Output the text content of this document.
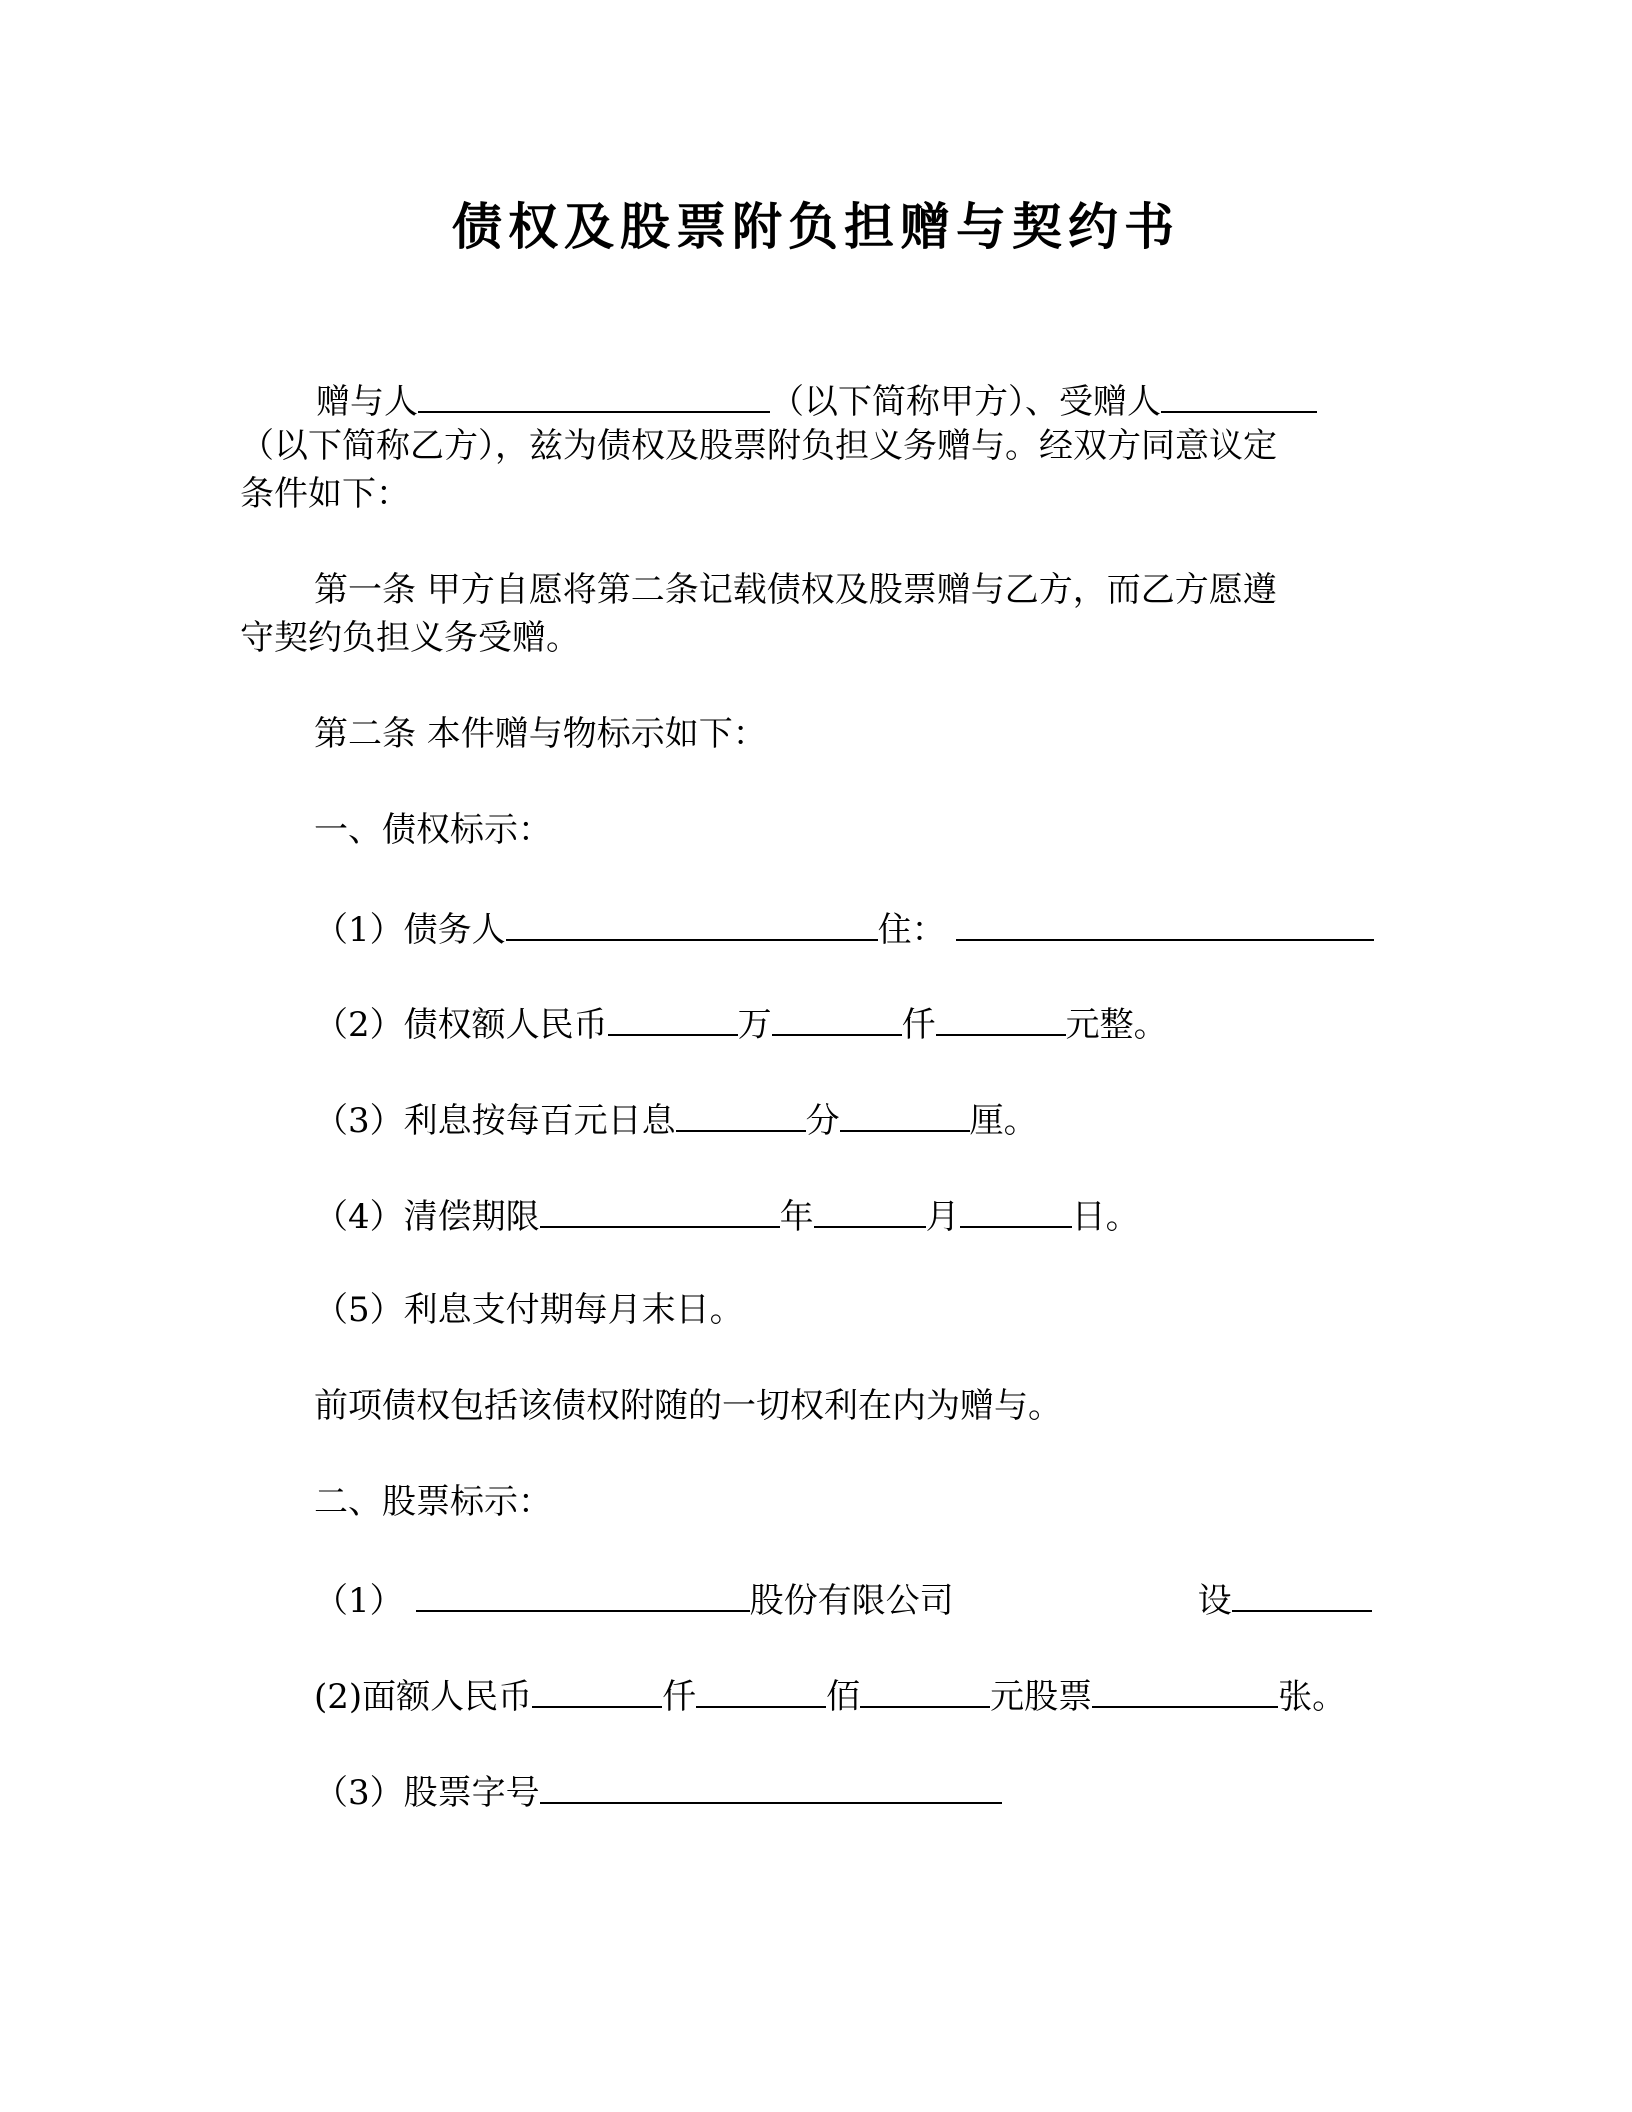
债权及股票附负担赠与契约书
赠与人	（以下简称甲方）、受赠人
（以下简称乙方），兹为债权及股票附负担义务赠与。经双方同意议定
条件如下：
第一条 甲方自愿将第二条记载债权及股票赠与乙方，而乙方愿遵
守契约负担义务受赠。
第二条 本件赠与物标示如下：
一、债权标示：
（1）债务人	住：
（2）债权额人民币	万	仟	元整。
（3）利息按每百元日息	分	厘。
（4）清偿期限	年	月	日。
（5）利息支付期每月末日。
前项债权包括该债权附随的一切权利在内为赠与。
二、股票标示：
（1）	股份有限公司	设
(2)面额人民币	仟	佰	元股票	张。
（3）股票字号
